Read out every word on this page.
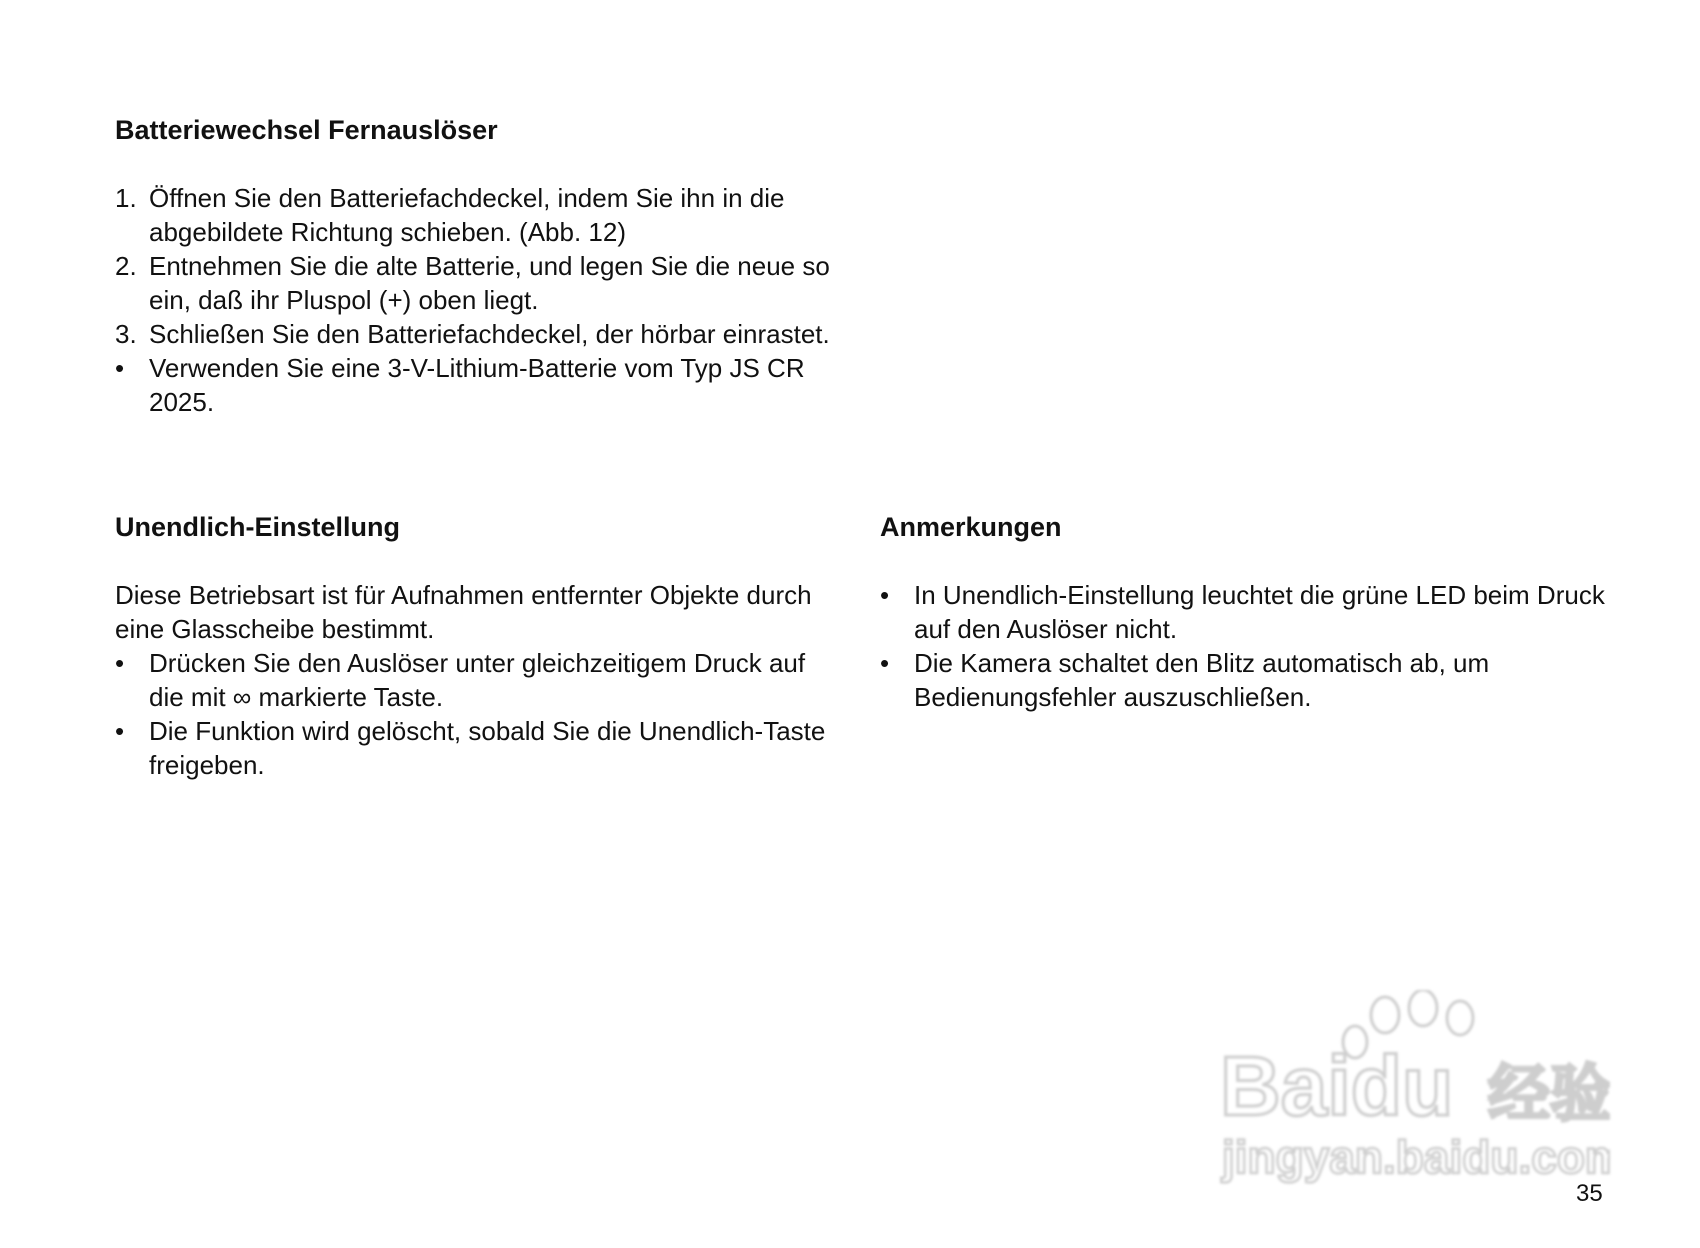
Batteriewechsel Fernauslöser
1. Öffnen Sie den Batteriefachdeckel, indem Sie ihn in die abgebildete Richtung schieben. (Abb. 12)
2. Entnehmen Sie die alte Batterie, und legen Sie die neue so ein, daß ihr Pluspol (+) oben liegt.
3. Schließen Sie den Batteriefachdeckel, der hörbar einrastet.
• Verwenden Sie eine 3-V-Lithium-Batterie vom Typ JS CR 2025.
Unendlich-Einstellung

Diese Betriebsart ist für Aufnahmen entfernter Objekte durch eine Glasscheibe bestimmt.

• Drücken Sie den Auslöser unter gleichzeitigem Druck auf die mit ∞ markierte Taste.
• Die Funktion wird gelöscht, sobald Sie die Unendlich-Taste freigeben.
Anmerkungen
• In Unendlich-Einstellung leuchtet die grüne LED beim Druck auf den Auslöser nicht.
• Die Kamera schaltet den Blitz automatisch ab, um Bedienungsfehler auszuschließen.
Baidu 经验
jingyan.baidu.com
35
